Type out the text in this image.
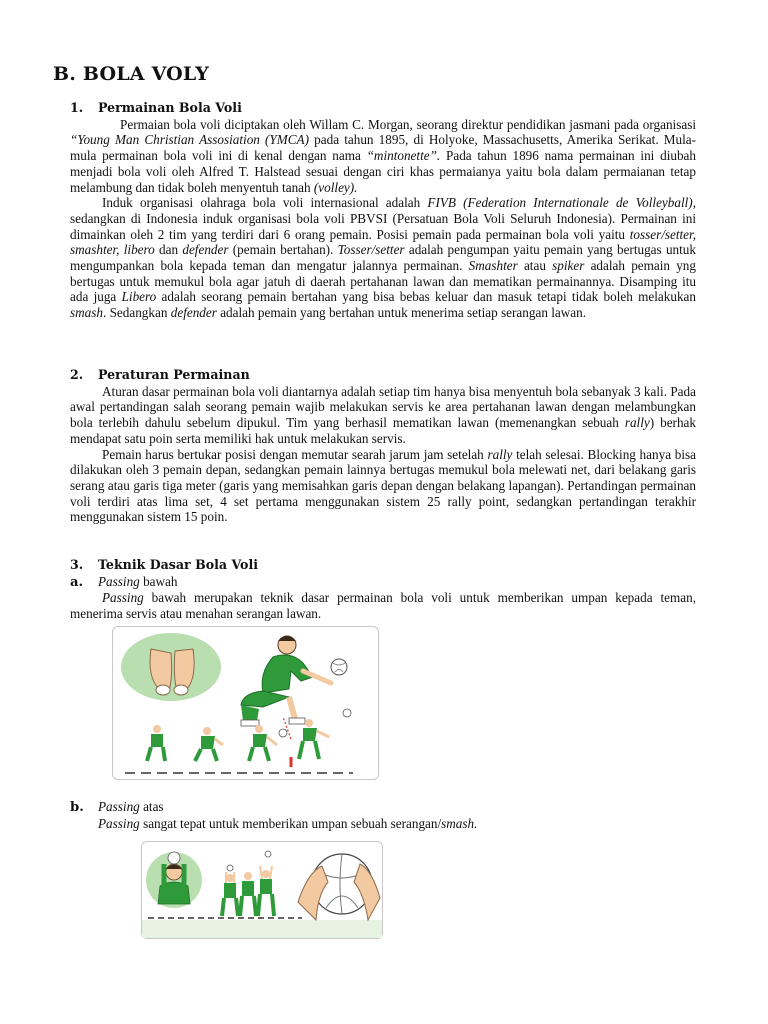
B. BOLA VOLY

1. Permainan Bola Voli

Permaian bola voli diciptakan oleh Willam C. Morgan, seorang direktur pendidikan jasmani pada organisasi “Young Man Christian Assosiation (YMCA) pada tahun 1895, di Holyoke, Massachusetts, Amerika Serikat. Mula-mula permainan bola voli ini di kenal dengan nama “mintonette”. Pada tahun 1896 nama permainan ini diubah menjadi bola voli oleh Alfred T. Halstead sesuai dengan ciri khas permaianya yaitu bola dalam permaianan tetap melambung dan tidak boleh menyentuh tanah (volley).

Induk organisasi olahraga bola voli internasional adalah FIVB (Federation Internationale de Volleyball), sedangkan di Indonesia induk organisasi bola voli PBVSI (Persatuan Bola Voli Seluruh Indonesia). Permainan ini dimainkan oleh 2 tim yang terdiri dari 6 orang pemain. Posisi pemain pada permainan bola voli yaitu tosser/setter, smashter, libero dan defender (pemain bertahan). Tosser/setter adalah pengumpan yaitu pemain yang bertugas untuk mengumpankan bola kepada teman dan mengatur jalannya permainan. Smashter atau spiker adalah pemain yng bertugas untuk memukul bola agar jatuh di daerah pertahanan lawan dan mematikan permainannya. Disamping itu ada juga Libero adalah seorang pemain bertahan yang bisa bebas keluar dan masuk tetapi tidak boleh melakukan smash. Sedangkan defender adalah pemain yang bertahan untuk menerima setiap serangan lawan.

2. Peraturan Permainan

Aturan dasar permainan bola voli diantarnya adalah setiap tim hanya bisa menyentuh bola sebanyak 3 kali. Pada awal pertandingan salah seorang pemain wajib melakukan servis ke area pertahanan lawan dengan melambungkan bola terlebih dahulu sebelum dipukul. Tim yang berhasil mematikan lawan (memenangkan sebuah rally) berhak mendapat satu poin serta memiliki hak untuk melakukan servis.

Pemain harus bertukar posisi dengan memutar searah jarum jam setelah rally telah selesai. Blocking hanya bisa dilakukan oleh 3 pemain depan, sedangkan pemain lainnya bertugas memukul bola melewati net, dari belakang garis serang atau garis tiga meter (garis yang memisahkan garis depan dengan belakang lapangan). Pertandingan permainan voli terdiri atas lima set, 4 set pertama menggunakan sistem 25 rally point, sedangkan pertandingan terakhir menggunakan sistem 15 poin.

3. Teknik Dasar Bola Voli

a. Passing bawah

Passing bawah merupakan teknik dasar permainan bola voli untuk memberikan umpan kepada teman, menerima servis atau menahan serangan lawan.

b. Passing atas

Passing sangat tepat untuk memberikan umpan sebuah serangan/smash.
